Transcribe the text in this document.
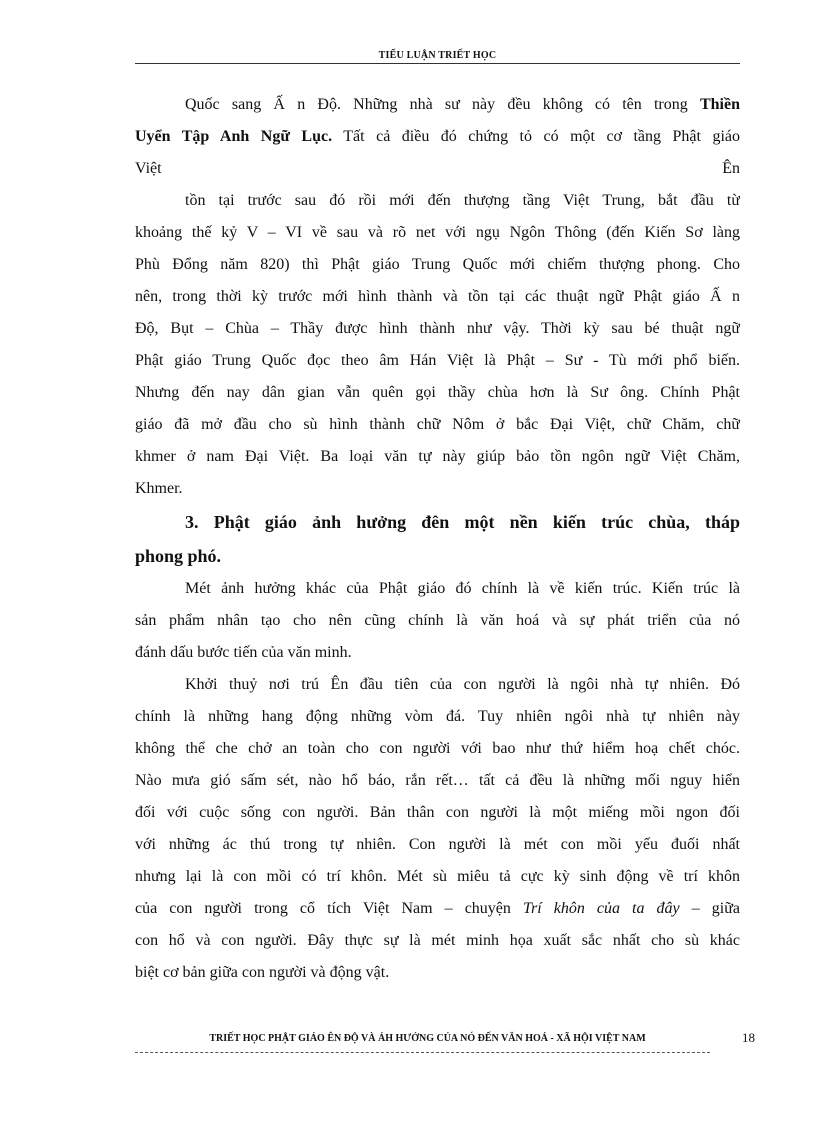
TIỂU LUẬN TRIẾT HỌC
Quốc sang Ấ n Độ. Những nhà sư này đều không có tên trong Thiền
Uyển Tập Anh Ngữ Lục. Tất cả điều đó chứng tỏ có một cơ tầng Phật giáo
Việt	Ên
tồn tại trước sau đó rồi mới đến thượng tầng Việt Trung, bắt đầu từ
khoảng thế kỷ V – VI về sau và rõ net với ngụ Ngôn Thông (đến Kiến Sơ làng
Phù Đổng năm 820) thì Phật giáo Trung Quốc mới chiếm thượng phong. Cho
nên, trong thời kỳ trước mới hình thành và tồn tại các thuật ngữ Phật giáo Ấ n
Độ, Bụt – Chùa – Thầy được hình thành như vậy. Thời kỳ sau bé thuật ngữ
Phật giáo Trung Quốc đọc theo âm Hán Việt là Phật – Sư - Tù mới phổ biến.
Nhưng đến nay dân gian vẫn quên gọi thầy chùa hơn là Sư ông. Chính Phật
giáo đã mở đầu cho sù hình thành chữ Nôm ở bắc Đại Việt, chữ Chăm, chữ
khmer ở nam Đại Việt. Ba loại văn tự này giúp bảo tồn ngôn ngữ Việt Chăm,
Khmer.
3. Phật giáo ảnh hưởng đên một nền kiến trúc chùa, tháp
phong phó.
Mét ảnh hưởng khác của Phật giáo đó chính là về kiến trúc. Kiến trúc là
sản phẩm nhân tạo cho nên cũng chính là văn hoá và sự phát triển của nó
đánh dấu bước tiến của văn minh.
Khởi thuỷ nơi trú Ên đầu tiên của con người là ngôi nhà tự nhiên. Đó
chính là những hang động những vòm đá. Tuy nhiên ngôi nhà tự nhiên này
không thể che chở an toàn cho con người với bao như thứ hiểm hoạ chết chóc.
Nào mưa gió sấm sét, nào hổ báo, rắn rết… tất cả đều là những mối nguy hiển
đối với cuộc sống con người. Bản thân con người là một miếng mồi ngon đối
với những ác thú trong tự nhiên. Con người là mét con mồi yếu đuối nhất
nhưng lại là con mồi có trí khôn. Mét sù miêu tả cực kỳ sinh động về trí khôn
của con người trong cổ tích Việt Nam – chuyện Trí khôn của ta đây – giữa
con hổ và con người. Đây thực sự là mét minh họa xuất sắc nhất cho sù khác
biệt cơ bản giữa con người và động vật.
TRIẾT HỌC PHẬT GIÁO ÊN ĐỘ VÀ ẢH HƯỞNG CỦA NÓ ĐẾN VĂN HOÁ - XÃ HỘI VIỆT NAM	18
